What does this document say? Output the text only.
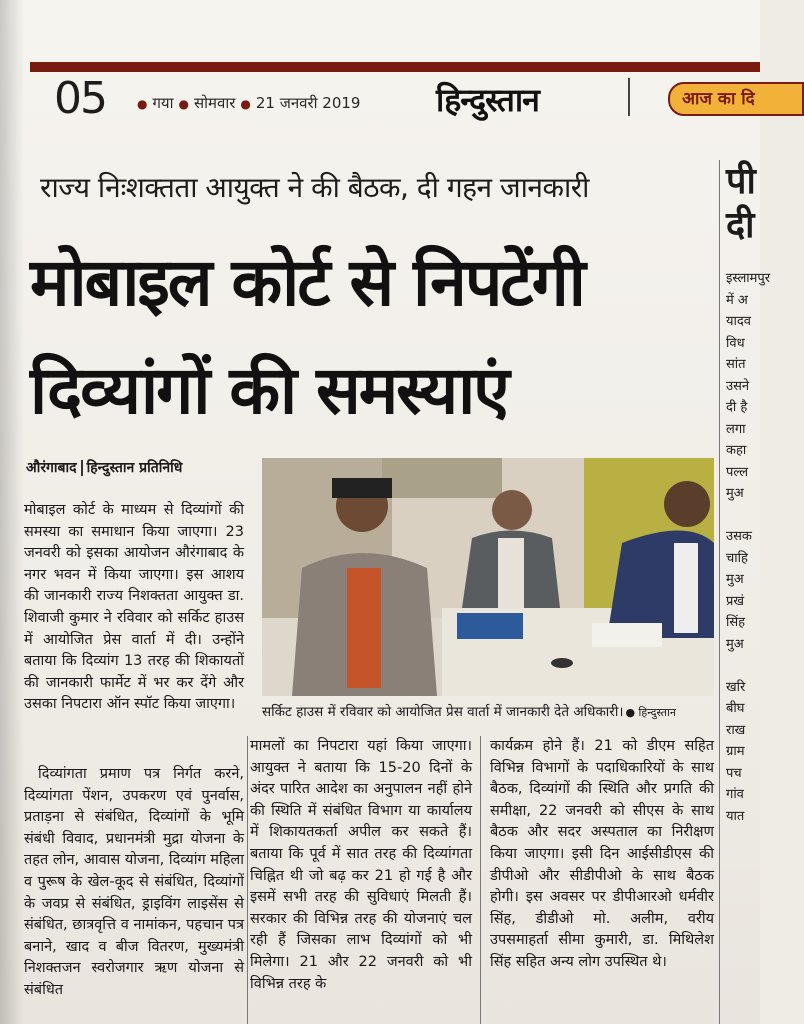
05	● गया ● सोमवार ● 21 जनवरी 2019 हिन्दुस्तान	आज का दि
राज्य निःशक्तता आयुक्त ने की बैठक, दी गहन जानकारी
मोबाइल कोर्ट से निपटेंगी
दिव्यांगों की समस्याएं
औरंगाबाद हिन्दुस्तान प्रतिनिधि

मोबाइल कोर्ट के माध्यम से दिव्यांगों की समस्या का समाधान किया जाएगा। 23 जनवरी को इसका आयोजन औरंगाबाद के नगर भवन में किया जाएगा। इस आशय की जानकारी राज्य निशक्तता आयुक्त डा. शिवाजी कुमार ने रविवार को सर्किट हाउस में आयोजित प्रेस वार्ता में दी। उन्होंने बताया कि दिव्यांग 13 तरह की शिकायतों की जानकारी फार्मेट में भर कर देंगे और उसका निपटारा ऑन स्पॉट किया जाएगा।

दिव्यांगता प्रमाण पत्र निर्गत करने, दिव्यांगता पेंशन, उपकरण एवं पुनर्वास, प्रताड़ना से संबंधित, दिव्यांगों के भूमि संबंधी विवाद, प्रधानमंत्री मुद्रा योजना के तहत लोन, आवास योजना, दिव्यांग महिला व पुरूष के खेल-कूद से संबंधित, दिव्यांगों के जवप्र से संबंधित, ड्राइविंग लाइसेंस से संबंधित, छात्रवृत्ति व नामांकन, पहचान पत्र बनाने, खाद व बीज वितरण, मुख्यमंत्री निशक्तजन स्वरोजगार ऋण योजना से संबंधित

सर्किट हाउस में रविवार को आयोजित प्रेस वार्ता में जानकारी देते अधिकारी। ● हिन्दुस्तान

मामलों का निपटारा यहां किया जाएगा। आयुक्त ने बताया कि 15-20 दिनों के अंदर पारित आदेश का अनुपालन नहीं होने की स्थिति में संबंधित विभाग या कार्यालय में शिकायतकर्ता अपील कर सकते हैं। बताया कि पूर्व में सात तरह की दिव्यांगता चिह्नित थी जो बढ़ कर 21 हो गई है और इसमें सभी तरह की सुविधाएं मिलती हैं। सरकार की विभिन्न तरह की योजनाएं चल रही हैं जिसका लाभ दिव्यांगों को भी मिलेगा। 21 और 22 जनवरी को भी विभिन्न तरह के

कार्यक्रम होने हैं। 21 को डीएम सहित विभिन्न विभागों के पदाधिकारियों के साथ बैठक, दिव्यांगों की स्थिति और प्रगति की समीक्षा, 22 जनवरी को सीएस के साथ बैठक और सदर अस्पताल का निरीक्षण किया जाएगा। इसी दिन आईसीडीएस की डीपीओ और सीडीपीओ के साथ बैठक होगी। इस अवसर पर डीपीआरओ धर्मवीर सिंह, डीडीओ मो. अलीम, वरीय उपसमाहर्ता सीमा कुमारी, डा. मिथिलेश सिंह सहित अन्य लोग उपस्थित थे।

पी
दी
इस्लामपुर
में अ
यादव
विध
सांत
उसने
दी है
लगा
कहा
पल्ल
मुअ

उसक
चाहि
मुअ
प्रखं
सिंह
मुअ

खरि
बीघ
राख
ग्राम
पच
गांव
यात
